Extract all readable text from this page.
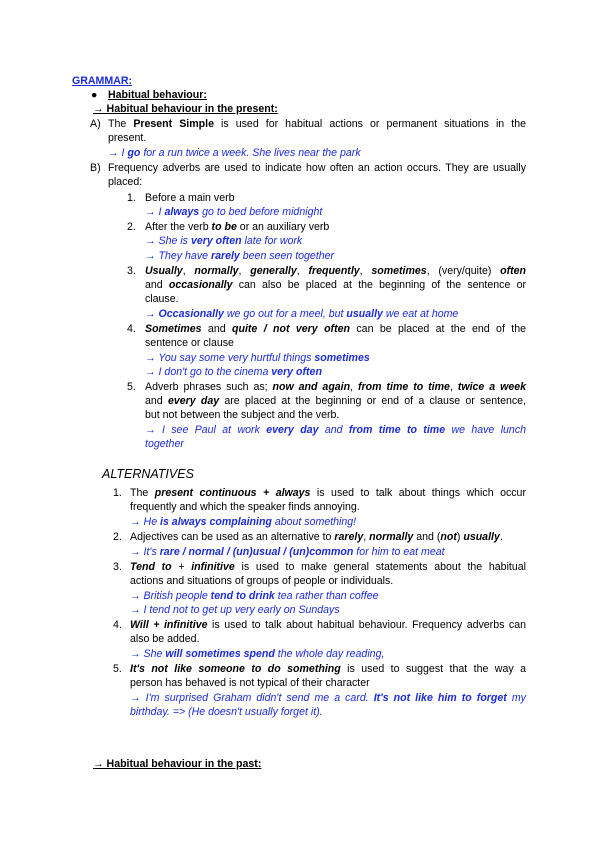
GRAMMAR:
● Habitual behaviour:
→ Habitual behaviour in the present:
A) The Present Simple is used for habitual actions or permanent situations in the
present.
→ I go for a run twice a week. She lives near the park
B) Frequency adverbs are used to indicate how often an action occurs. They are usually
placed:
1. Before a main verb
→ I always go to bed before midnight
2. After the verb to be or an auxiliary verb
→ She is very often late for work
→ They have rarely been seen together
3. Usually, normally, generally, frequently, sometimes, (very/quite) often
and occasionally can also be placed at the beginning of the sentence or
clause.
→ Occasionally we go out for a meel, but usually we eat at home
4. Sometimes and quite / not very often can be placed at the end of the
sentence or clause
→ You say some very hurtful things sometimes
→ I don't go to the cinema very often
5. Adverb phrases such as; now and again, from time to time, twice a week
and every day are placed at the beginning or end of a clause or sentence,
but not between the subject and the verb.
→ I see Paul at work every day and from time to time we have lunch
together
ALTERNATIVES
1. The present continuous + always is used to talk about things which occur
frequently and which the speaker finds annoying.
→ He is always complaining about something!
2. Adjectives can be used as an alternative to rarely, normally and (not) usually.
→ It's rare / normal / (un)usual / (un)common for him to eat meat
3. Tend to + infinitive is used to make general statements about the habitual
actions and situations of groups of people or individuals.
→ British people tend to drink tea rather than coffee
→ I tend not to get up very early on Sundays
4. Will + infinitive is used to talk about habitual behaviour. Frequency adverbs can
also be added.
→ She will sometimes spend the whole day reading,
5. It's not like someone to do something is used to suggest that the way a
person has behaved is not typical of their character
→ I'm surprised Graham didn't send me a card. It's not like him to forget my
birthday. => (He doesn't usually forget it).
→ Habitual behaviour in the past:
